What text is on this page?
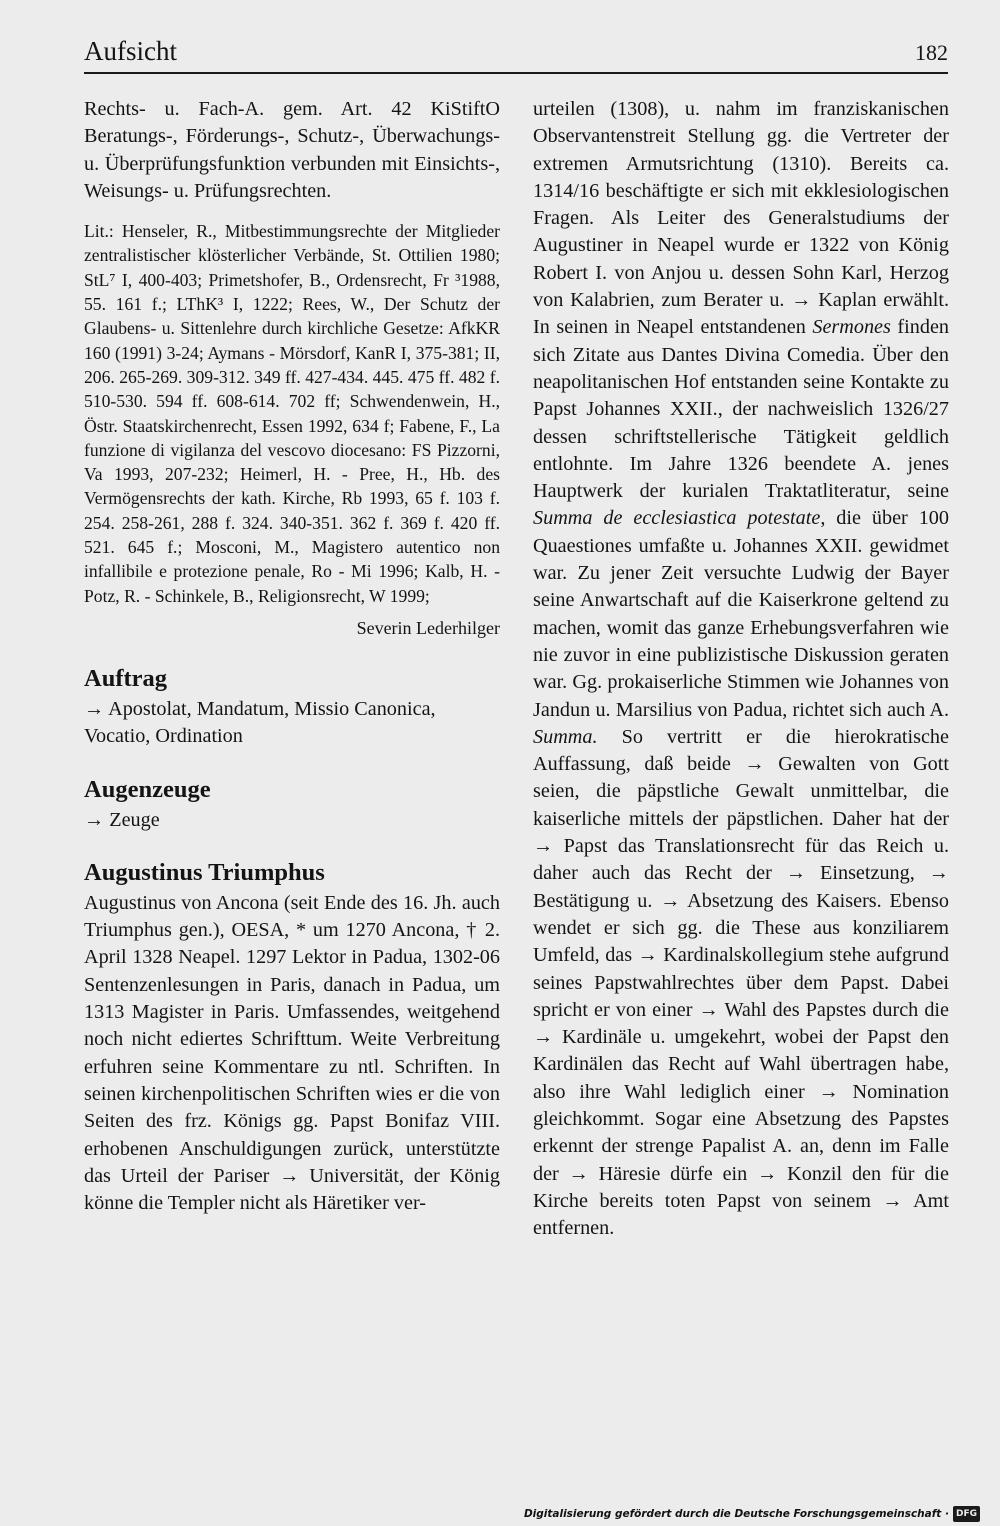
Aufsicht	182

Rechts- u. Fach-A. gem. Art. 42 KiStiftO Beratungs-, Förderungs-, Schutz-, Überwachungs- u. Überprüfungsfunktion verbunden mit Einsichts-, Weisungs- u. Prüfungsrechten.

Lit.: Henseler, R., Mitbestimmungsrechte der Mitglieder zentralistischer klösterlicher Verbände, St. Ottilien 1980; StL⁷ I, 400-403; Primetshofer, B., Ordensrecht, Fr ³1988, 55. 161 f.; LThK³ I, 1222; Rees, W., Der Schutz der Glaubens- u. Sittenlehre durch kirchliche Gesetze: AfkKR 160 (1991) 3-24; Aymans - Mörsdorf, KanR I, 375-381; II, 206. 265-269. 309-312. 349 ff. 427-434. 445. 475 ff. 482 f. 510-530. 594 ff. 608-614. 702 ff; Schwendenwein, H., Östr. Staatskirchenrecht, Essen 1992, 634 f; Fabene, F., La funzione di vigilanza del vescovo diocesano: FS Pizzorni, Va 1993, 207-232; Heimerl, H. - Pree, H., Hb. des Vermögensrechts der kath. Kirche, Rb 1993, 65 f. 103 f. 254. 258-261, 288 f. 324. 340-351. 362 f. 369 f. 420 ff. 521. 645 f.; Mosconi, M., Magistero autentico non infallibile e protezione penale, Ro - Mi 1996; Kalb, H. - Potz, R. - Schinkele, B., Religionsrecht, W 1999;

Severin Lederhilger

Auftrag

→ Apostolat, Mandatum, Missio Canonica, Vocatio, Ordination

Augenzeuge

→ Zeuge

Augustinus Triumphus

Augustinus von Ancona (seit Ende des 16. Jh. auch Triumphus gen.), OESA, * um 1270 Ancona, † 2. April 1328 Neapel. 1297 Lektor in Padua, 1302-06 Sentenzenlesungen in Paris, danach in Padua, um 1313 Magister in Paris. Umfassendes, weitgehend noch nicht ediertes Schrifttum. Weite Verbreitung erfuhren seine Kommentare zu ntl. Schriften. In seinen kirchenpolitischen Schriften wies er die von Seiten des frz. Königs gg. Papst Bonifaz VIII. erhobenen Anschuldigungen zurück, unterstützte das Urteil der Pariser → Universität, der König könne die Templer nicht als Häretiker ver-

urteilen (1308), u. nahm im franziskanischen Observantenstreit Stellung gg. die Vertreter der extremen Armutsrichtung (1310). Bereits ca. 1314/16 beschäftigte er sich mit ekklesiologischen Fragen. Als Leiter des Generalstudiums der Augustiner in Neapel wurde er 1322 von König Robert I. von Anjou u. dessen Sohn Karl, Herzog von Kalabrien, zum Berater u. → Kaplan erwählt. In seinen in Neapel entstandenen Sermones finden sich Zitate aus Dantes Divina Comedia. Über den neapolitanischen Hof entstanden seine Kontakte zu Papst Johannes XXII., der nachweislich 1326/27 dessen schriftstellerische Tätigkeit geldlich entlohnte. Im Jahre 1326 beendete A. jenes Hauptwerk der kurialen Traktatliteratur, seine Summa de ecclesiastica potestate, die über 100 Quaestiones umfaßte u. Johannes XXII. gewidmet war. Zu jener Zeit versuchte Ludwig der Bayer seine Anwartschaft auf die Kaiserkrone geltend zu machen, womit das ganze Erhebungsverfahren wie nie zuvor in eine publizistische Diskussion geraten war. Gg. prokaiserliche Stimmen wie Johannes von Jandun u. Marsilius von Padua, richtet sich auch A. Summa. So vertritt er die hierokratische Auffassung, daß beide → Gewalten von Gott seien, die päpstliche Gewalt unmittelbar, die kaiserliche mittels der päpstlichen. Daher hat der → Papst das Translationsrecht für das Reich u. daher auch das Recht der → Einsetzung, → Bestätigung u. → Absetzung des Kaisers. Ebenso wendet er sich gg. die These aus konziliarem Umfeld, das → Kardinalskollegium stehe aufgrund seines Papstwahlrechtes über dem Papst. Dabei spricht er von einer → Wahl des Papstes durch die → Kardinäle u. umgekehrt, wobei der Papst den Kardinälen das Recht auf Wahl übertragen habe, also ihre Wahl lediglich einer → Nomination gleichkommt. Sogar eine Absetzung des Papstes erkennt der strenge Papalist A. an, denn im Falle der → Häresie dürfe ein → Konzil den für die Kirche bereits toten Papst von seinem → Amt entfernen.

Digitalisierung gefördert durch die Deutsche Forschungsgemeinschaft · DFG
